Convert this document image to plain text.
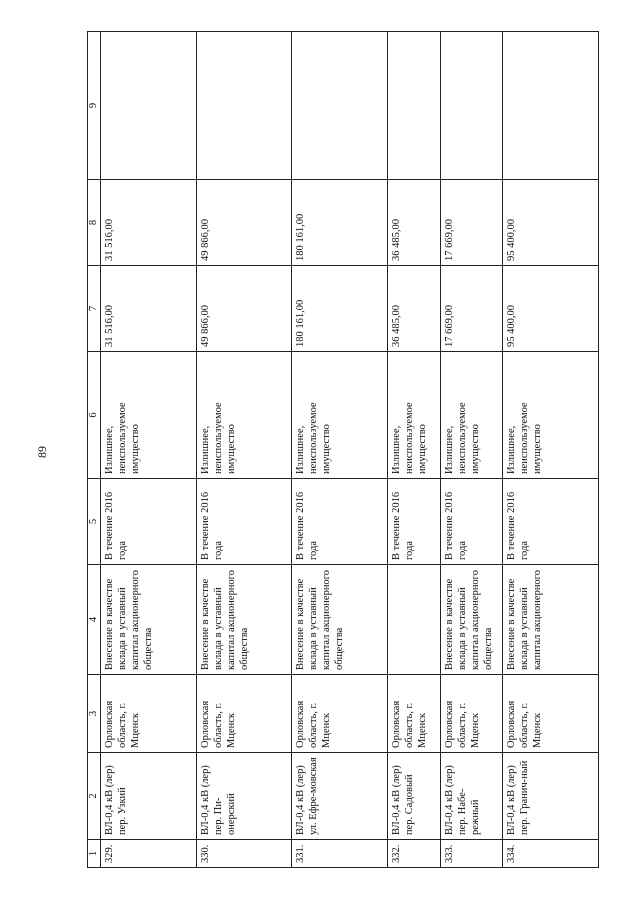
89
1	2	3	4	5	6	7	8	9
329.	ВЛ-0,4 кВ (лер) пер. Узкий	Орловская область, г. Мценск	Внесение в качестве вклада в уставный капитал акционерного общества	В течение 2016 года	Излишнее, неиспользуемое имущество	31 516,00	31 516,00	
330.	ВЛ-0,4 кВ (лер) пер. Пи-онерский	Орловская область, г. Мценск	Внесение в качестве вклада в уставный капитал акционерного общества	В течение 2016 года	Излишнее, неиспользуемое имущество	49 866,00	49 866,00	
331.	ВЛ-0,4 кВ (лер) ул. Ефре-мовская	Орловская область, г. Мценск	Внесение в качестве вклада в уставный капитал акционерного общества	В течение 2016 года	Излишнее, неиспользуемое имущество	180 161,00	180 161,00	
332.	ВЛ-0,4 кВ (лер) пер. Садовый	Орловская область, г. Мценск		В течение 2016 года	Излишнее, неиспользуемое имущество	36 485,00	36 485,00	
333.	ВЛ-0,4 кВ (лер) пер. Набе-режный	Орловская область, г. Мценск	Внесение в качестве вклада в уставный капитал акционерного общества	В течение 2016 года	Излишнее, неиспользуемое имущество	17 669,00	17 669,00	
334.	ВЛ-0,4 кВ (лер) пер. Гранич-ный	Орловская область, г. Мценск	Внесение в качестве вклада в уставный капитал акционерного	В течение 2016 года	Излишнее, неиспользуемое имущество	95 400,00	95 400,00	
